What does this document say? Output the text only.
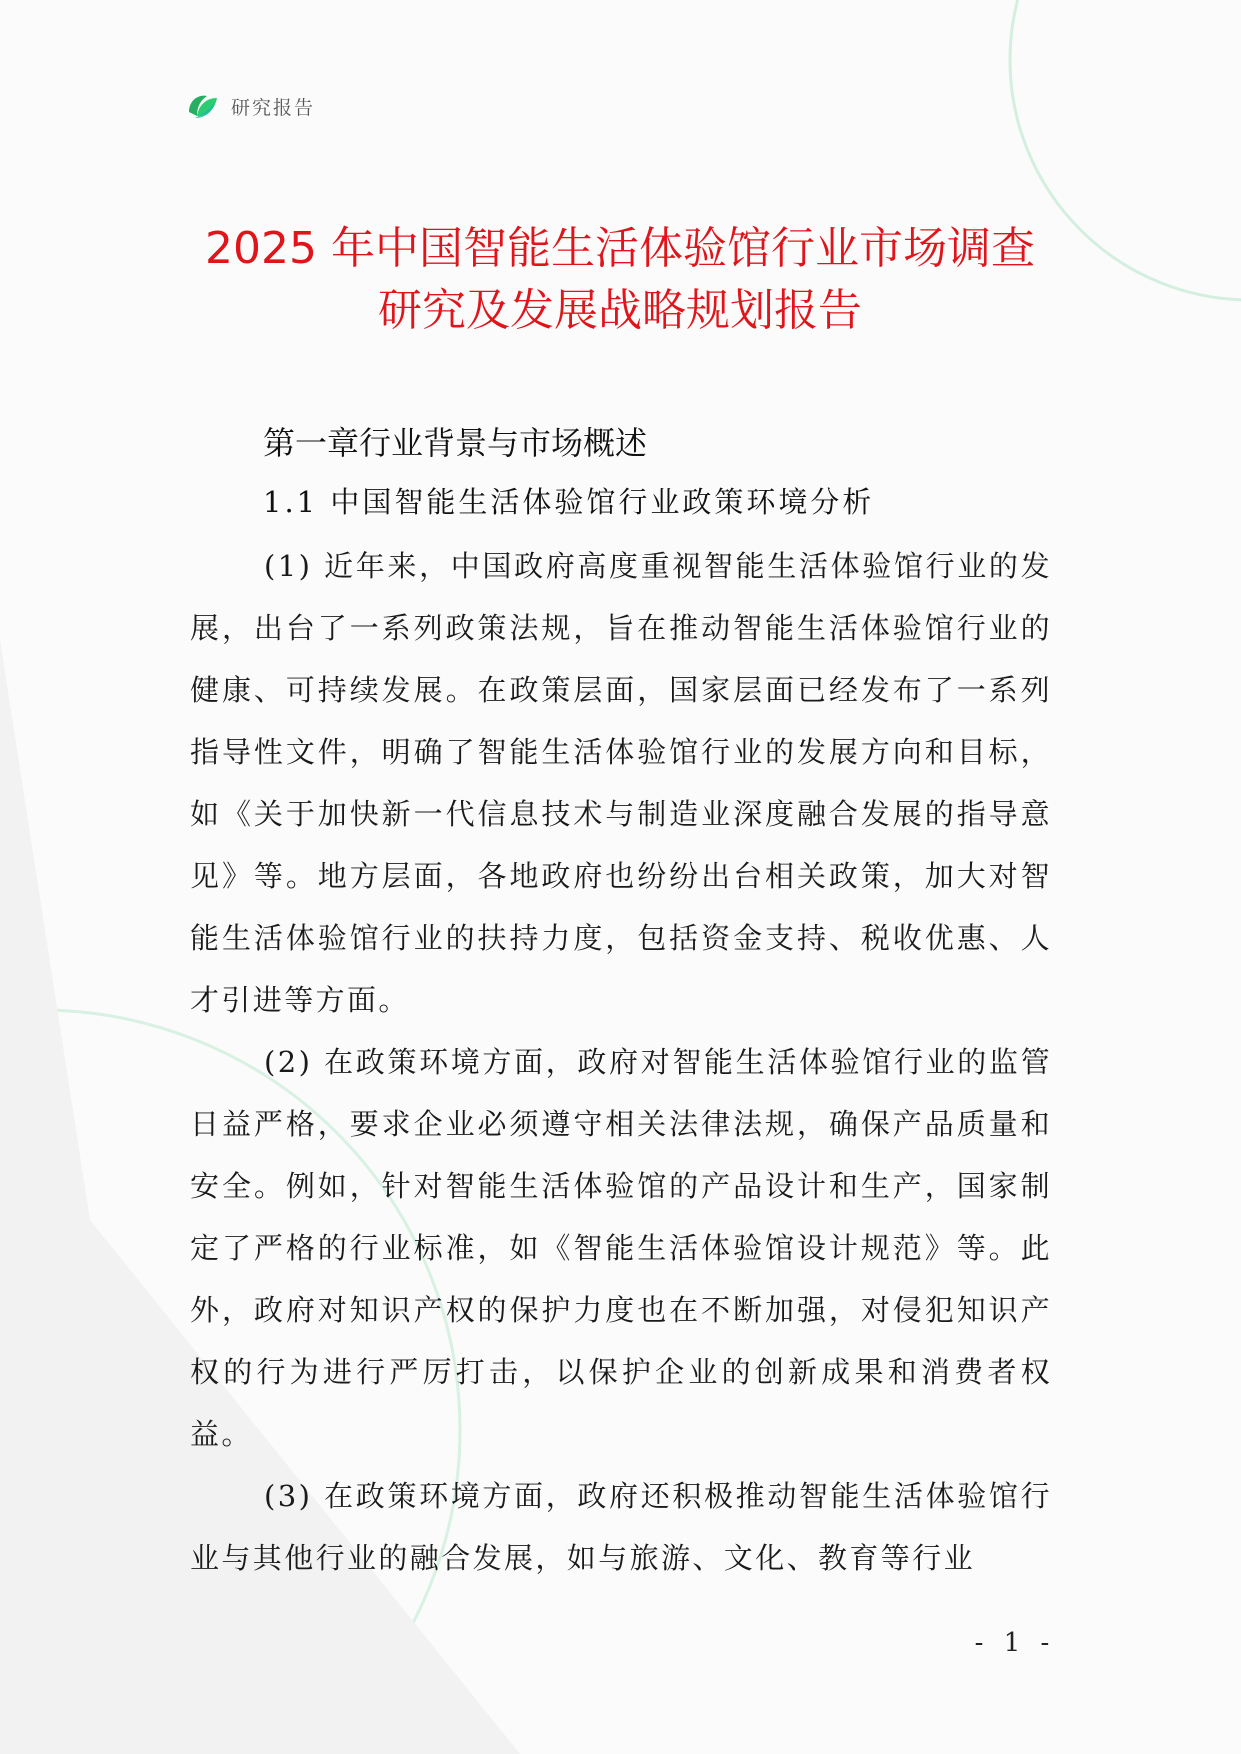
研究报告
2025 年中国智能生活体验馆行业市场调查
研究及发展战略规划报告
第一章行业背景与市场概述
1.1 中国智能生活体验馆行业政策环境分析

(1) 近年来，中国政府高度重视智能生活体验馆行业的发展，出台了一系列政策法规，旨在推动智能生活体验馆行业的健康、可持续发展。在政策层面，国家层面已经发布了一系列指导性文件，明确了智能生活体验馆行业的发展方向和目标，如《关于加快新一代信息技术与制造业深度融合发展的指导意见》等。地方层面，各地政府也纷纷出台相关政策，加大对智能生活体验馆行业的扶持力度，包括资金支持、税收优惠、人才引进等方面。

(2) 在政策环境方面，政府对智能生活体验馆行业的监管日益严格，要求企业必须遵守相关法律法规，确保产品质量和安全。例如，针对智能生活体验馆的产品设计和生产，国家制定了严格的行业标准，如《智能生活体验馆设计规范》等。此外，政府对知识产权的保护力度也在不断加强，对侵犯知识产权的行为进行严厉打击，以保护企业的创新成果和消费者权益。

(3) 在政策环境方面，政府还积极推动智能生活体验馆行业与其他行业的融合发展，如与旅游、文化、教育等行业

- 1 -
